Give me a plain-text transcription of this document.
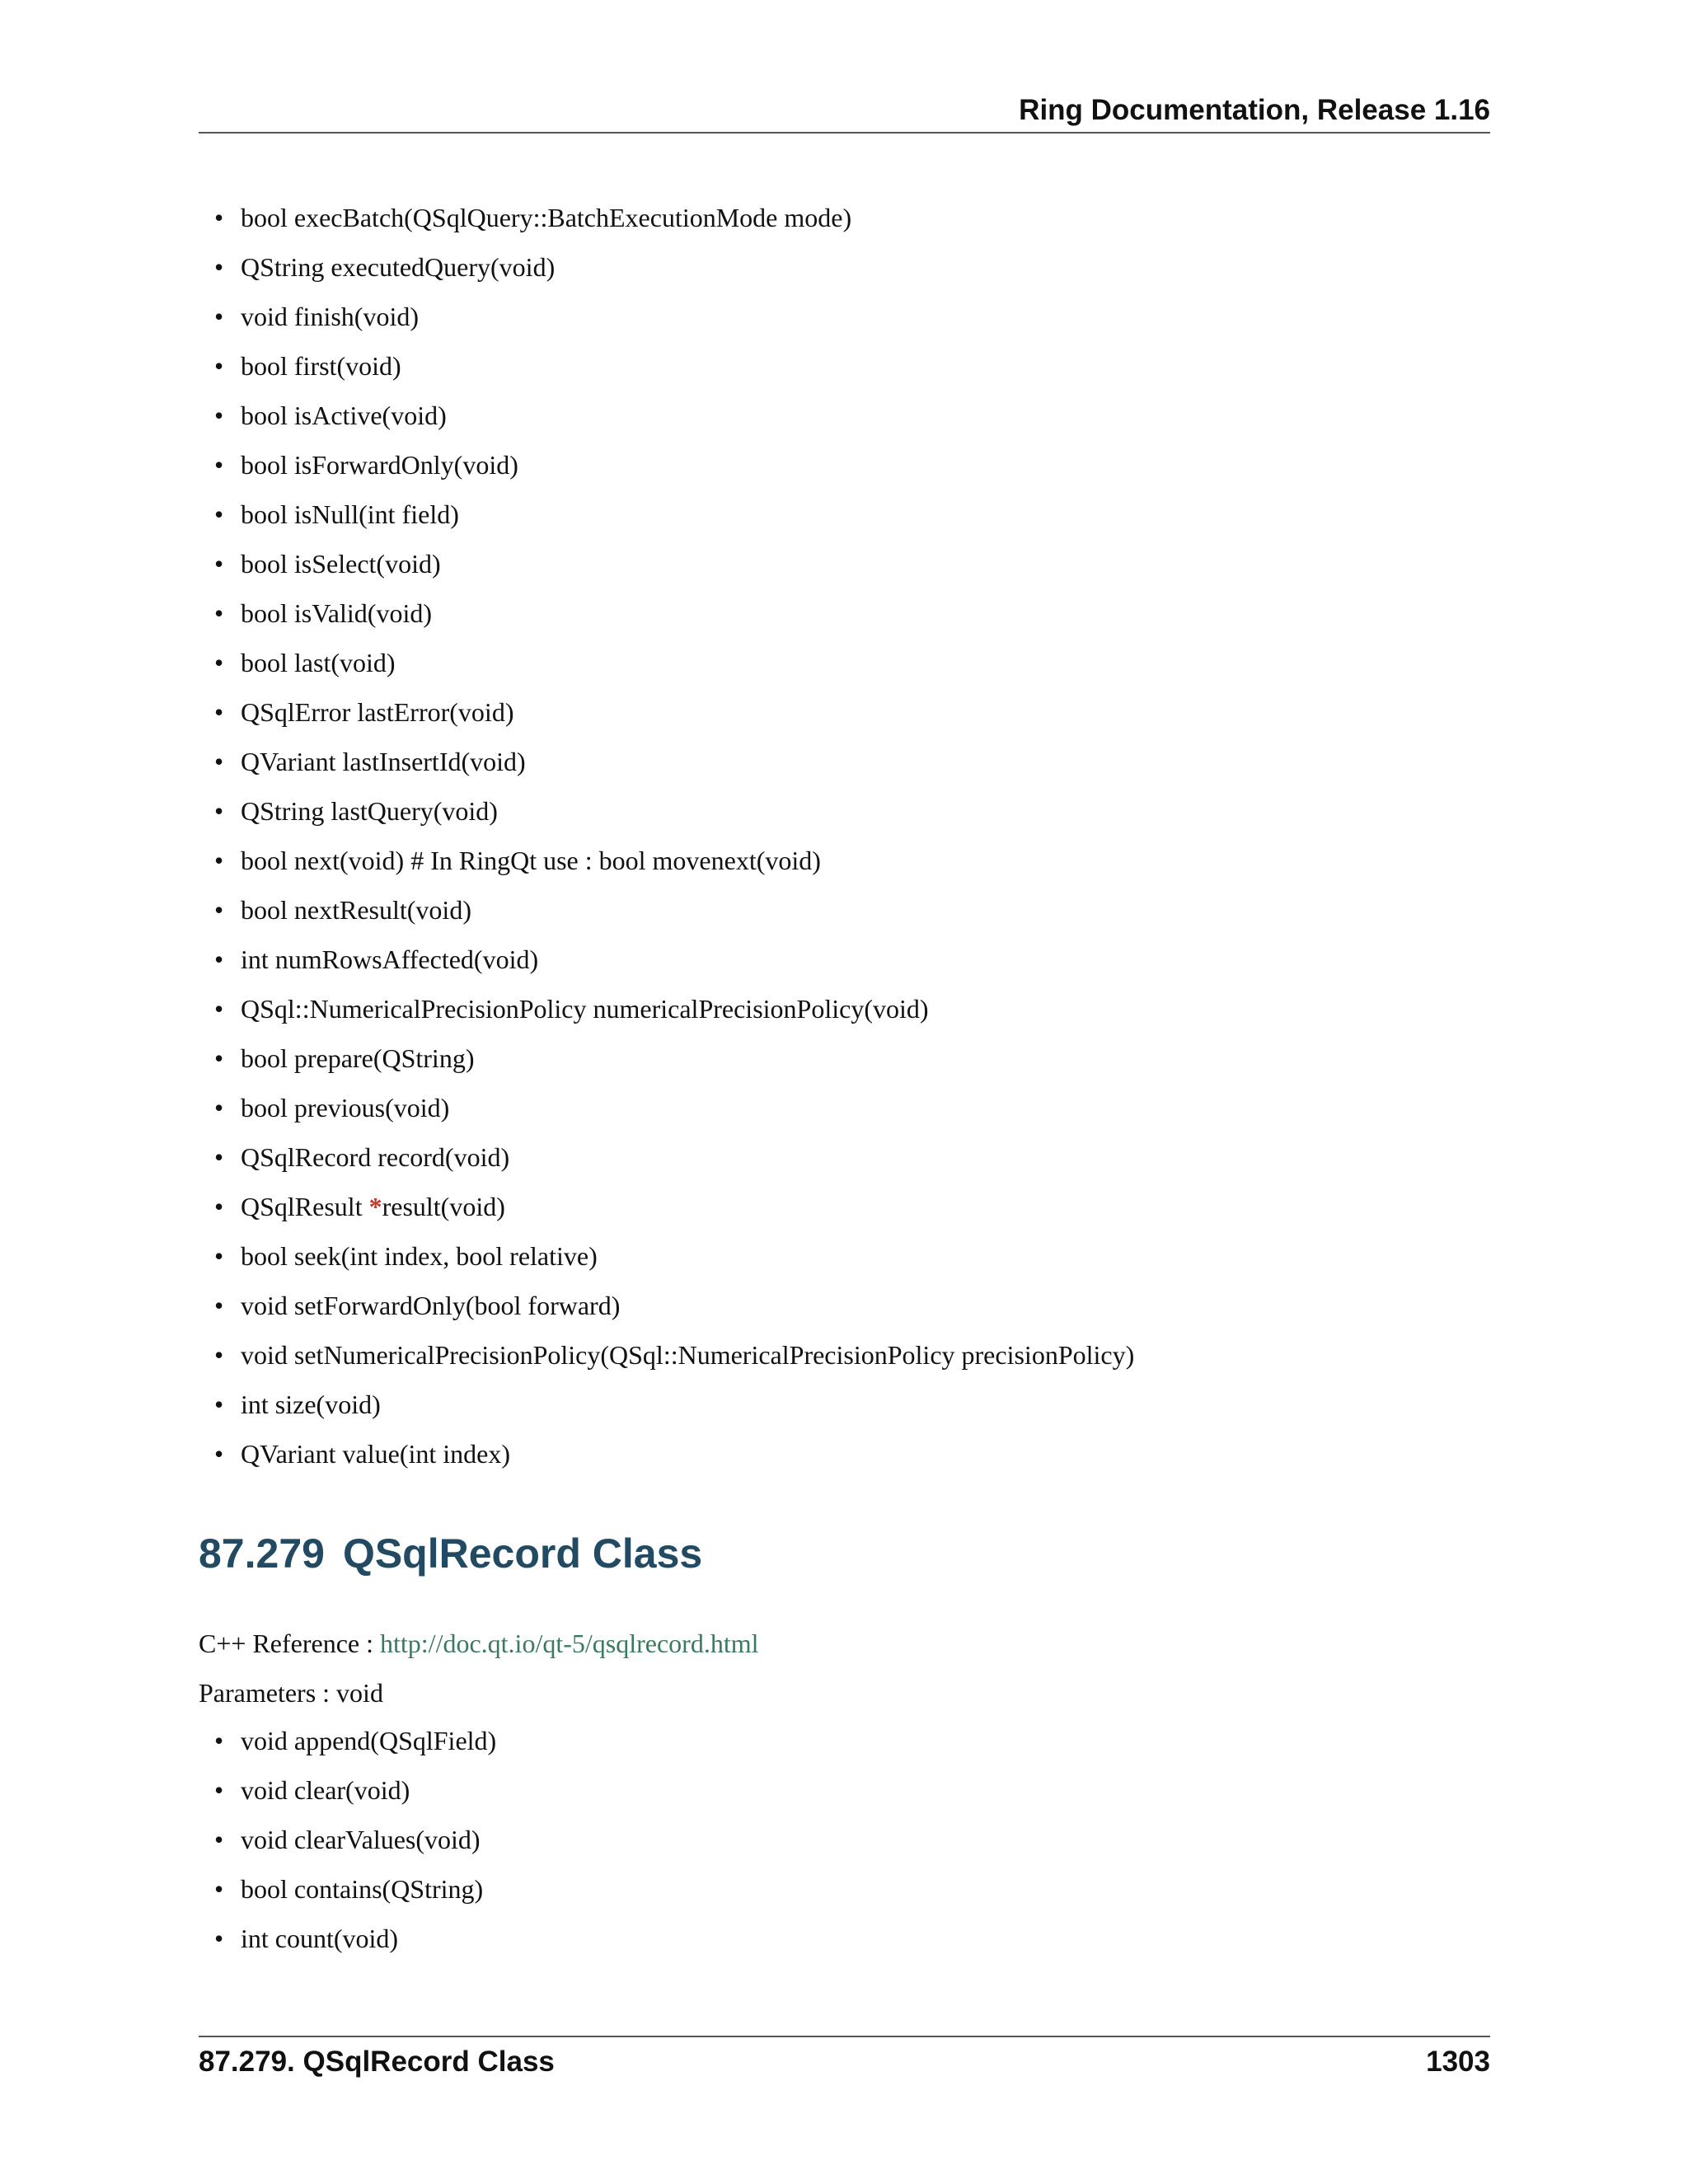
Ring Documentation, Release 1.16
• bool execBatch(QSqlQuery::BatchExecutionMode mode)
• QString executedQuery(void)
• void finish(void)
• bool first(void)
• bool isActive(void)
• bool isForwardOnly(void)
• bool isNull(int field)
• bool isSelect(void)
• bool isValid(void)
• bool last(void)
• QSqlError lastError(void)
• QVariant lastInsertId(void)
• QString lastQuery(void)
• bool next(void) # In RingQt use : bool movenext(void)
• bool nextResult(void)
• int numRowsAffected(void)
• QSql::NumericalPrecisionPolicy numericalPrecisionPolicy(void)
• bool prepare(QString)
• bool previous(void)
• QSqlRecord record(void)
• QSqlResult *result(void)
• bool seek(int index, bool relative)
• void setForwardOnly(bool forward)
• void setNumericalPrecisionPolicy(QSql::NumericalPrecisionPolicy precisionPolicy)
• int size(void)
• QVariant value(int index)
87.279 QSqlRecord Class
C++ Reference : http://doc.qt.io/qt-5/qsqlrecord.html
Parameters : void
• void append(QSqlField)
• void clear(void)
• void clearValues(void)
• bool contains(QString)
• int count(void)
87.279. QSqlRecord Class	1303
